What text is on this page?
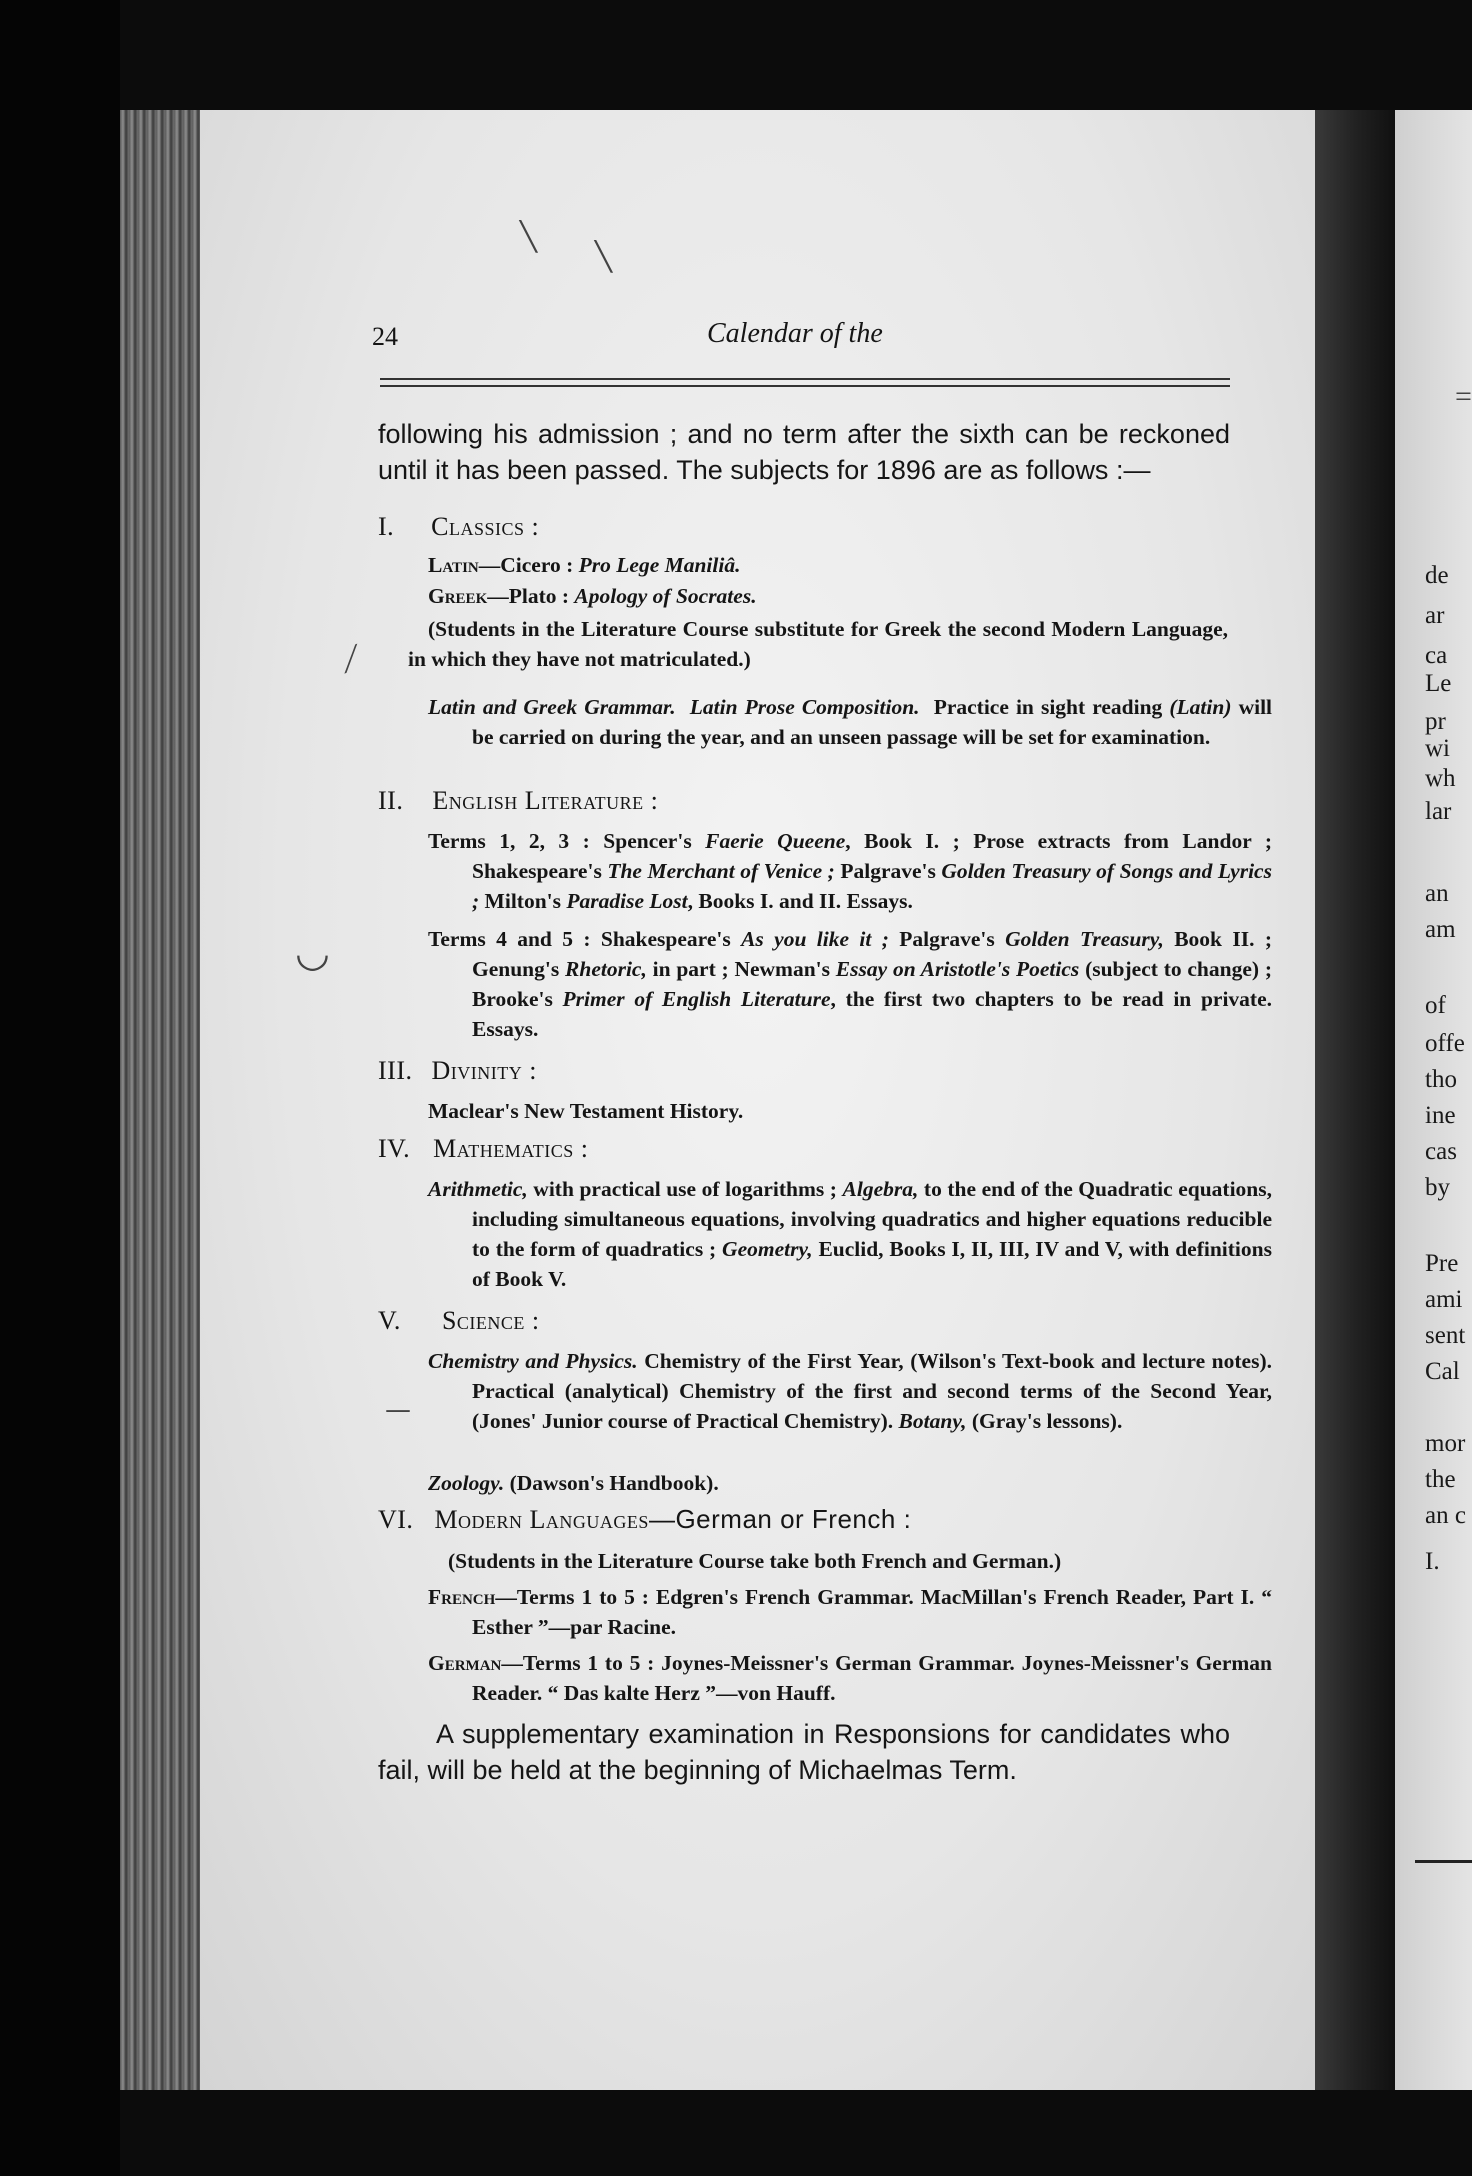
=
de
ar
ca
Le
pr
wi
wh
lar
an
am
of
offe
tho
ine
cas
by
Pre
ami
sent
Cal
mor
the
an c
I.
╲
╲
⟋
◡
—
24	Calendar of the
following his admission ; and no term after the sixth can be reckoned until it has been passed. The subjects for 1896 are as follows :—
I. Classics :
Latin—Cicero : Pro Lege Maniliâ.
Greek—Plato : Apology of Socrates.
(Students in the Literature Course substitute for Greek the second Modern Language, in which they have not matriculated.)
Latin and Greek Grammar. Latin Prose Composition. Practice in sight reading (Latin) will be carried on during the year, and an unseen passage will be set for examination.
II. English Literature :
Terms 1, 2, 3 : Spencer's Faerie Queene, Book I. ; Prose extracts from Landor ; Shakespeare's The Merchant of Venice ; Palgrave's Golden Treasury of Songs and Lyrics ; Milton's Paradise Lost, Books I. and II. Essays.
Terms 4 and 5 : Shakespeare's As you like it ; Palgrave's Golden Treasury, Book II. ; Genung's Rhetoric, in part ; Newman's Essay on Aristotle's Poetics (subject to change) ; Brooke's Primer of English Literature, the first two chapters to be read in private. Essays.
III. Divinity :
Maclear's New Testament History.
IV. Mathematics :
Arithmetic, with practical use of logarithms ; Algebra, to the end of the Quadratic equations, including simultaneous equations, involving quadratics and higher equations reducible to the form of quadratics ; Geometry, Euclid, Books I, II, III, IV and V, with definitions of Book V.
V. Science :
Chemistry and Physics. Chemistry of the First Year, (Wilson's Text-book and lecture notes). Practical (analytical) Chemistry of the first and second terms of the Second Year, (Jones' Junior course of Practical Chemistry). Botany, (Gray's lessons).
Zoology. (Dawson's Handbook).
VI. Modern Languages—German or French :
(Students in the Literature Course take both French and German.)
French—Terms 1 to 5 : Edgren's French Grammar. MacMillan's French Reader, Part I. “ Esther ”—par Racine.
German—Terms 1 to 5 : Joynes-Meissner's German Grammar. Joynes-Meissner's German Reader. “ Das kalte Herz ”—von Hauff.
A supplementary examination in Responsions for candidates who fail, will be held at the beginning of Michaelmas Term.
